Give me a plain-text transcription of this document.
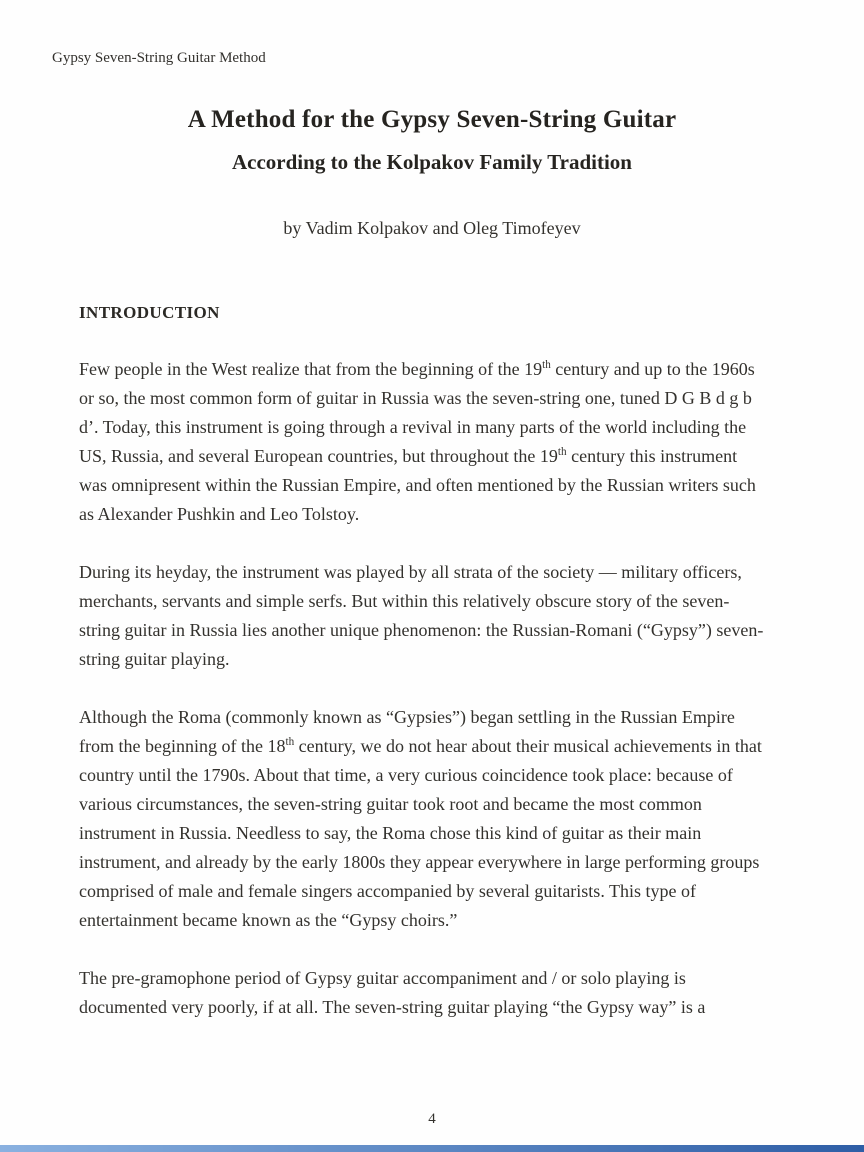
Gypsy Seven-String Guitar Method
A Method for the Gypsy Seven-String Guitar
According to the Kolpakov Family Tradition
by Vadim Kolpakov and Oleg Timofeyev
INTRODUCTION

Few people in the West realize that from the beginning of the 19th century and up to the 1960s or so, the most common form of guitar in Russia was the seven-string one, tuned D G B d g b d’. Today, this instrument is going through a revival in many parts of the world including the US, Russia, and several European countries, but throughout the 19th century this instrument was omnipresent within the Russian Empire, and often mentioned by the Russian writers such as Alexander Pushkin and Leo Tolstoy.

During its heyday, the instrument was played by all strata of the society — military officers, merchants, servants and simple serfs. But within this relatively obscure story of the seven-string guitar in Russia lies another unique phenomenon: the Russian-Romani (“Gypsy”) seven-string guitar playing.

Although the Roma (commonly known as “Gypsies”) began settling in the Russian Empire from the beginning of the 18th century, we do not hear about their musical achievements in that country until the 1790s. About that time, a very curious coincidence took place: because of various circumstances, the seven-string guitar took root and became the most common instrument in Russia. Needless to say, the Roma chose this kind of guitar as their main instrument, and already by the early 1800s they appear everywhere in large performing groups comprised of male and female singers accompanied by several guitarists. This type of entertainment became known as the “Gypsy choirs.”

The pre-gramophone period of Gypsy guitar accompaniment and / or solo playing is documented very poorly, if at all. The seven-string guitar playing “the Gypsy way” is a

4
